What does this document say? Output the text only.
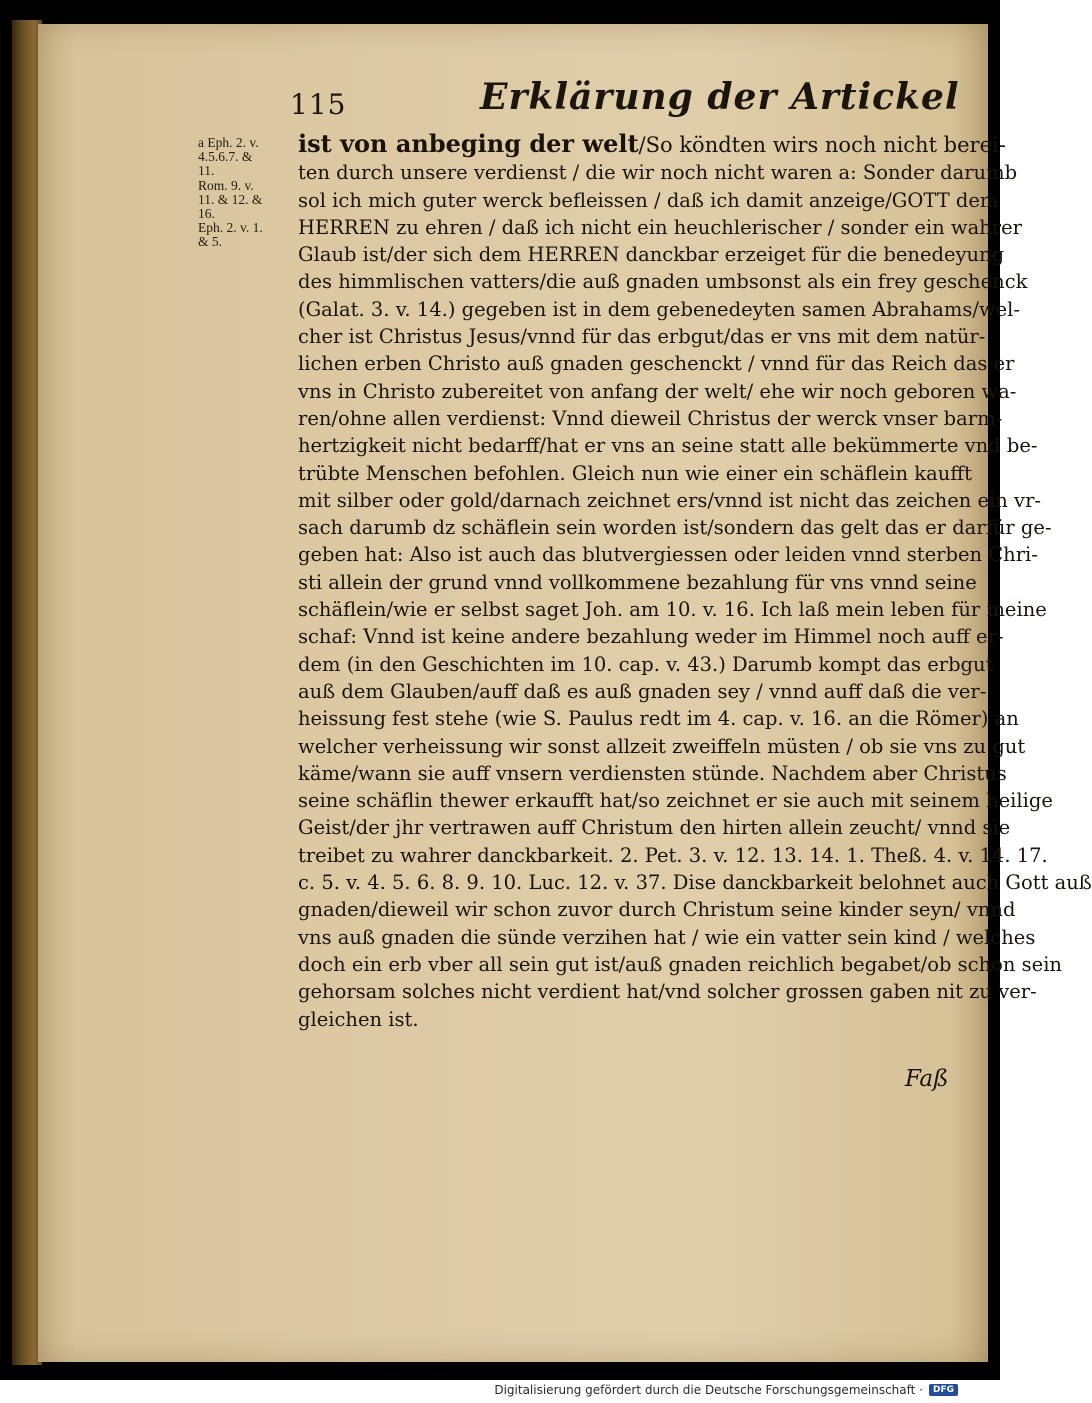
115	Erklärung der Artickel
a Eph. 2. v.
4.5.6.7. &
11.
Rom. 9. v.
11. & 12. &
16.
Eph. 2. v. 1.
& 5.
ist von anbeging der welt/So köndten wirs noch nicht berei-
ten durch unsere verdienst / die wir noch nicht waren a: Sonder darumb
sol ich mich guter werck befleissen / daß ich damit anzeige/GOTT dem
HERREN zu ehren / daß ich nicht ein heuchlerischer / sonder ein wahrer
Glaub ist/der sich dem HERREN danckbar erzeiget für die benedeyung
des himmlischen vatters/die auß gnaden umbsonst als ein frey geschenck
(Galat. 3. v. 14.) gegeben ist in dem gebenedeyten samen Abrahams/wel-
cher ist Christus Jesus/vnnd für das erbgut/das er vns mit dem natür-
lichen erben Christo auß gnaden geschenckt / vnnd für das Reich das er
vns in Christo zubereitet von anfang der welt/ ehe wir noch geboren wa-
ren/ohne allen verdienst: Vnnd dieweil Christus der werck vnser barm-
hertzigkeit nicht bedarff/hat er vns an seine statt alle bekümmerte vnd be-
trübte Menschen befohlen. Gleich nun wie einer ein schäflein kaufft
mit silber oder gold/darnach zeichnet ers/vnnd ist nicht das zeichen ein vr-
sach darumb dz schäflein sein worden ist/sondern das gelt das er darfür ge-
geben hat: Also ist auch das blutvergiessen oder leiden vnnd sterben Chri-
sti allein der grund vnnd vollkommene bezahlung für vns vnnd seine
schäflein/wie er selbst saget Joh. am 10. v. 16. Ich laß mein leben für meine
schaf: Vnnd ist keine andere bezahlung weder im Himmel noch auff er-
dem (in den Geschichten im 10. cap. v. 43.) Darumb kompt das erbgut
auß dem Glauben/auff daß es auß gnaden sey / vnnd auff daß die ver-
heissung fest stehe (wie S. Paulus redt im 4. cap. v. 16. an die Römer) an
welcher verheissung wir sonst allzeit zweiffeln müsten / ob sie vns zu gut
käme/wann sie auff vnsern verdiensten stünde. Nachdem aber Christus
seine schäflin thewer erkaufft hat/so zeichnet er sie auch mit seinem heilige
Geist/der jhr vertrawen auff Christum den hirten allein zeucht/ vnnd sie
treibet zu wahrer danckbarkeit. 2. Pet. 3. v. 12. 13. 14. 1. Theß. 4. v. 14. 17.
c. 5. v. 4. 5. 6. 8. 9. 10. Luc. 12. v. 37. Dise danckbarkeit belohnet auch Gott auß
gnaden/dieweil wir schon zuvor durch Christum seine kinder seyn/ vnnd
vns auß gnaden die sünde verzihen hat / wie ein vatter sein kind / welches
doch ein erb vber all sein gut ist/auß gnaden reichlich begabet/ob schon sein
gehorsam solches nicht verdient hat/vnd solcher grossen gaben nit zu ver-
gleichen ist.
Faß
Digitalisierung gefördert durch die Deutsche Forschungsgemeinschaft ·	DFG
